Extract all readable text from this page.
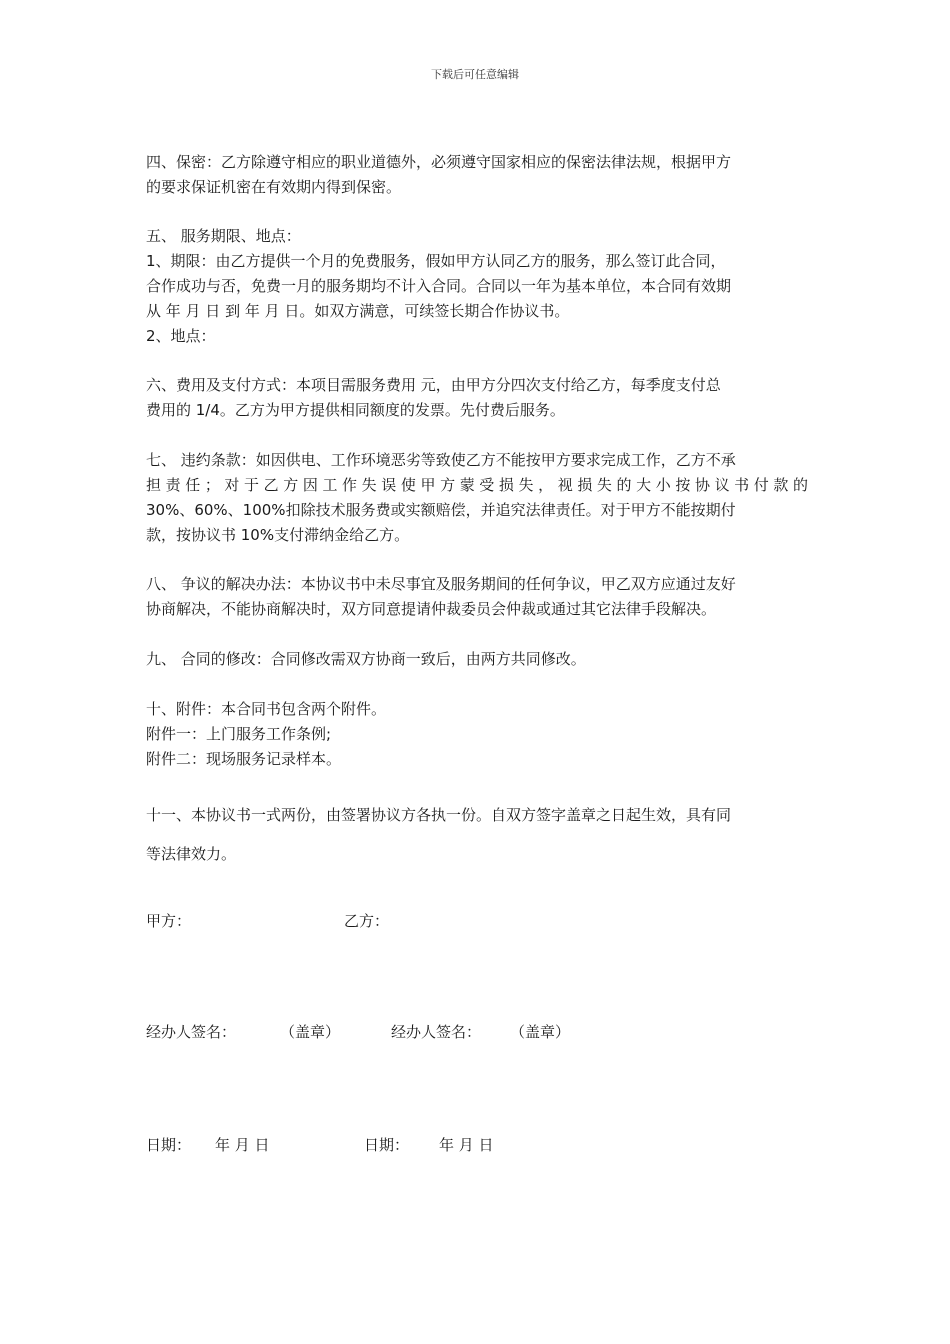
下载后可任意编辑
四、保密：乙方除遵守相应的职业道德外，必须遵守国家相应的保密法律法规，根据甲方
的要求保证机密在有效期内得到保密。
五、 服务期限、地点：
1、期限：由乙方提供一个月的免费服务，假如甲方认同乙方的服务，那么签订此合同，
合作成功与否，免费一月的服务期均不计入合同。合同以一年为基本单位，本合同有效期
从 年 月 日 到 年 月 日。如双方满意，可续签长期合作协议书。
2、地点：
六、费用及支付方式：本项目需服务费用 元，由甲方分四次支付给乙方，每季度支付总
费用的 1/4。乙方为甲方提供相同额度的发票。先付费后服务。
七、 违约条款：如因供电、工作环境恶劣等致使乙方不能按甲方要求完成工作，乙方不承
担责任；对于乙方因工作失误使甲方蒙受损失，视损失的大小按协议书付款的
30%、60%、100%扣除技术服务费或实额赔偿，并追究法律责任。对于甲方不能按期付
款，按协议书 10%支付滞纳金给乙方。
八、 争议的解决办法：本协议书中未尽事宜及服务期间的任何争议，甲乙双方应通过友好
协商解决，不能协商解决时，双方同意提请仲裁委员会仲裁或通过其它法律手段解决。
九、 合同的修改：合同修改需双方协商一致后，由两方共同修改。
十、附件：本合同书包含两个附件。
附件一：上门服务工作条例;
附件二：现场服务记录样本。
十一、本协议书一式两份，由签署协议方各执一份。自双方签字盖章之日起生效，具有同
等法律效力。
甲方：	乙方：
经办人签名：	（盖章）	经办人签名： （盖章）
日期： 年 月 日	日期： 年 月 日
